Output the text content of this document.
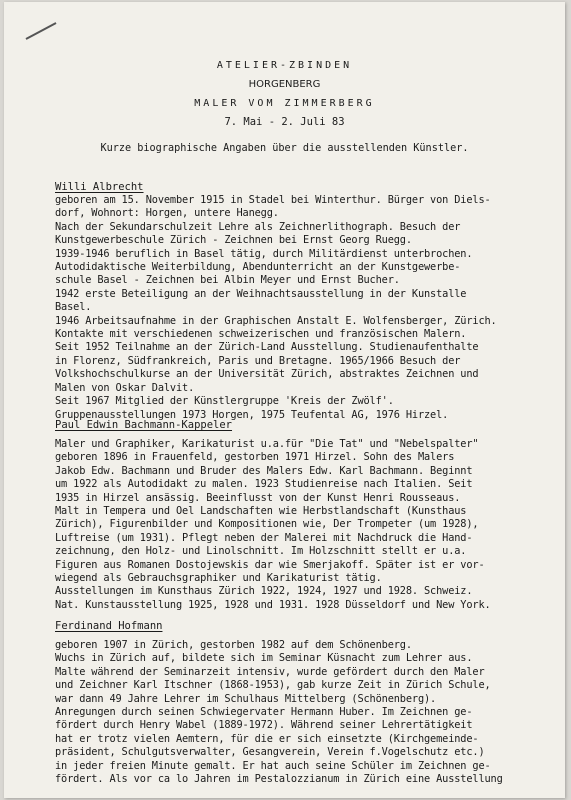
ATELIER-ZBINDEN
HORGENBERG
MALER VOM ZIMMERBERG
7. Mai - 2. Juli 83
Kurze biographische Angaben über die ausstellenden Künstler.
Willi Albrecht
geboren am 15. November 1915 in Stadel bei Winterthur. Bürger von Diels-
dorf, Wohnort: Horgen, untere Hanegg.
Nach der Sekundarschulzeit Lehre als Zeichnerlithograph. Besuch der
Kunstgewerbeschule Zürich - Zeichnen bei Ernst Georg Ruegg.
1939-1946 beruflich in Basel tätig, durch Militärdienst unterbrochen.
Autodidaktische Weiterbildung, Abendunterricht an der Kunstgewerbe-
schule Basel - Zeichnen bei Albin Meyer und Ernst Bucher.
1942 erste Beteiligung an der Weihnachtsausstellung in der Kunstalle
Basel.
1946 Arbeitsaufnahme in der Graphischen Anstalt E. Wolfensberger, Zürich.
Kontakte mit verschiedenen schweizerischen und französischen Malern.
Seit 1952 Teilnahme an der Zürich-Land Ausstellung. Studienaufenthalte
in Florenz, Südfrankreich, Paris und Bretagne. 1965/1966 Besuch der
Volkshochschulkurse an der Universität Zürich, abstraktes Zeichnen und
Malen von Oskar Dalvit.
Seit 1967 Mitglied der Künstlergruppe 'Kreis der Zwölf'.
Gruppenausstellungen 1973 Horgen, 1975 Teufental AG, 1976 Hirzel.
Paul Edwin Bachmann-Kappeler
Maler und Graphiker, Karikaturist u.a.für "Die Tat" und "Nebelspalter"
geboren 1896 in Frauenfeld, gestorben 1971 Hirzel. Sohn des Malers
Jakob Edw. Bachmann und Bruder des Malers Edw. Karl Bachmann. Beginnt
um 1922 als Autodidakt zu malen. 1923 Studienreise nach Italien. Seit
1935 in Hirzel ansässig. Beeinflusst von der Kunst Henri Rousseaus.
Malt in Tempera und Oel Landschaften wie Herbstlandschaft (Kunsthaus
Zürich), Figurenbilder und Kompositionen wie, Der Trompeter (um 1928),
Luftreise (um 1931). Pflegt neben der Malerei mit Nachdruck die Hand-
zeichnung, den Holz- und Linolschnitt. Im Holzschnitt stellt er u.a.
Figuren aus Romanen Dostojewskis dar wie Smerjakoff. Später ist er vor-
wiegend als Gebrauchsgraphiker und Karikaturist tätig.
Ausstellungen im Kunsthaus Zürich 1922, 1924, 1927 und 1928. Schweiz.
Nat. Kunstausstellung 1925, 1928 und 1931. 1928 Düsseldorf und New York.
Ferdinand Hofmann
geboren 1907 in Zürich, gestorben 1982 auf dem Schönenberg.
Wuchs in Zürich auf, bildete sich im Seminar Küsnacht zum Lehrer aus.
Malte während der Seminarzeit intensiv, wurde gefördert durch den Maler
und Zeichner Karl Itschner (1868-1953), gab kurze Zeit in Zürich Schule,
war dann 49 Jahre Lehrer im Schulhaus Mittelberg (Schönenberg).
Anregungen durch seinen Schwiegervater Hermann Huber. Im Zeichnen ge-
fördert durch Henry Wabel (1889-1972). Während seiner Lehrertätigkeit
hat er trotz vielen Aemtern, für die er sich einsetzte (Kirchgemeinde-
präsident, Schulgutsverwalter, Gesangverein, Verein f.Vogelschutz etc.)
in jeder freien Minute gemalt. Er hat auch seine Schüler im Zeichnen ge-
fördert. Als vor ca lo Jahren im Pestalozzianum in Zürich eine Ausstellung
